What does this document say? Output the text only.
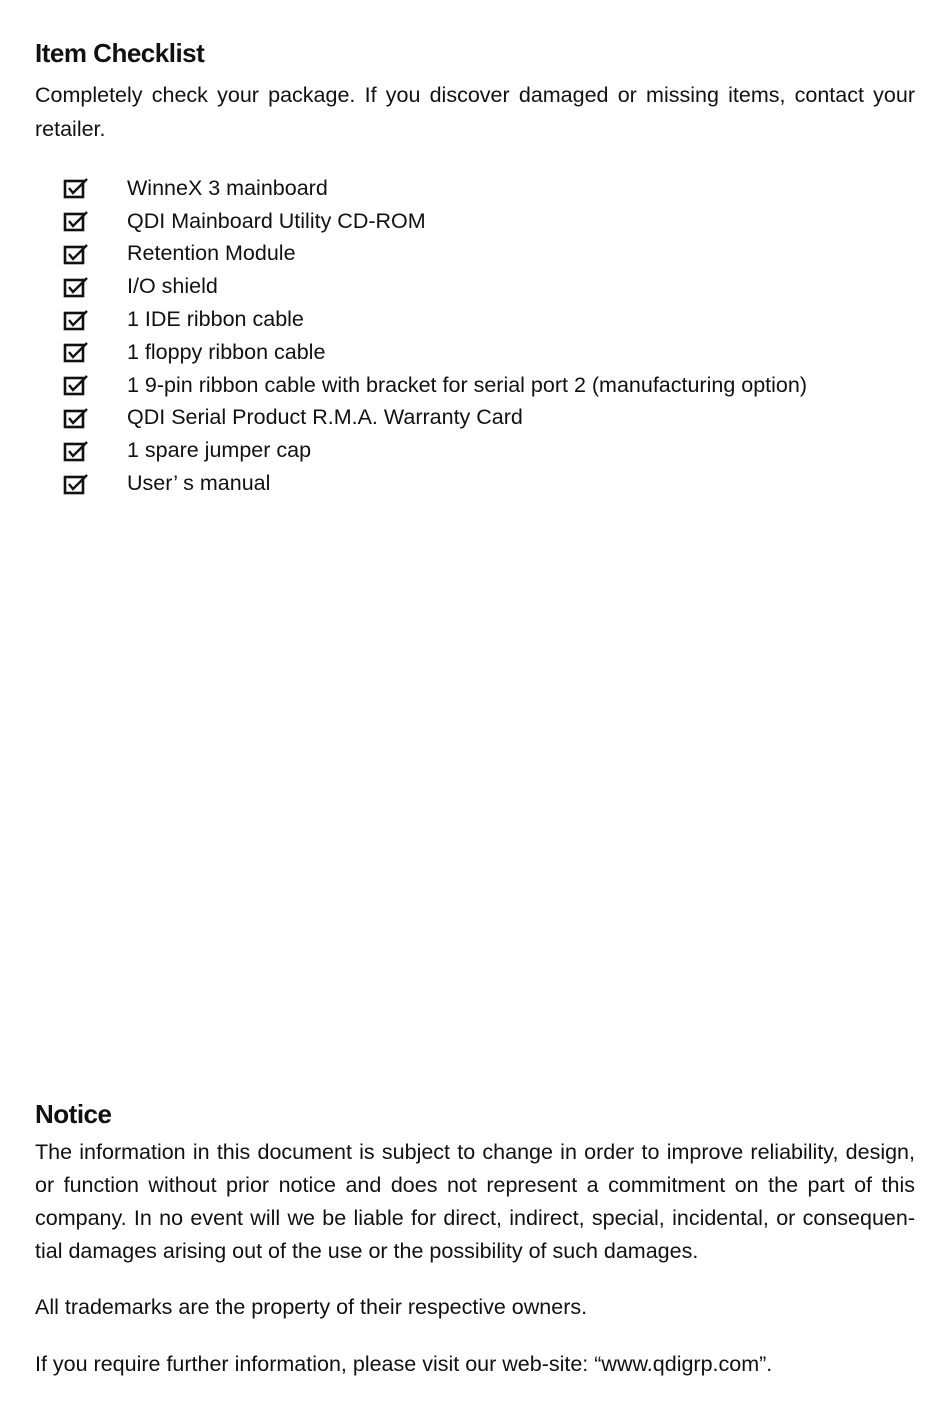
Item Checklist

Completely check your package. If you discover damaged or missing items, contact your retailer.

WinneX 3 mainboard
QDI Mainboard Utility CD-ROM
Retention Module
I/O shield
1 IDE ribbon cable
1 floppy ribbon cable
1 9-pin ribbon cable with bracket for serial port 2 (manufacturing option)
QDI Serial Product R.M.A. Warranty Card
1 spare jumper cap
User’ s manual
Notice

The information in this document is subject to change in order to improve reliability, design, or function without prior notice and does not represent a commitment on the part of this company. In no event will we be liable for direct, indirect, special, incidental, or consequen-tial damages arising out of the use or the possibility of such damages.

All trademarks are the property of their respective owners.

If you require further information, please visit our web-site: “www.qdigrp.com”.
